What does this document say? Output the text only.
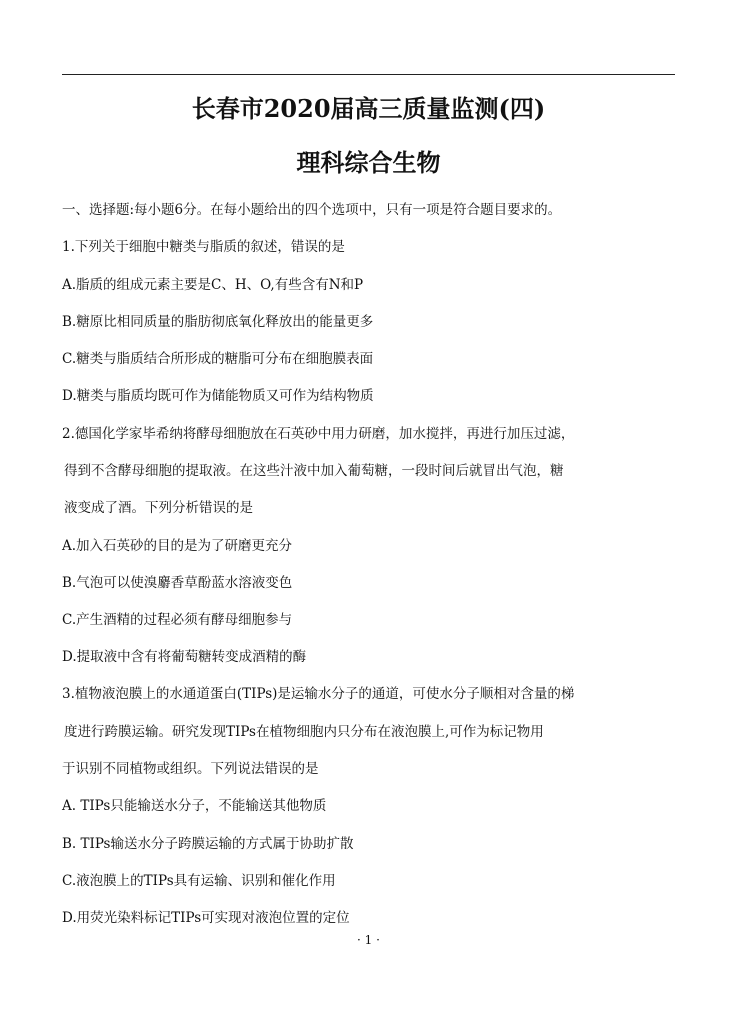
长春市2020届高三质量监测(四)
理科综合生物
一、选择题:每小题6分。在每小题给出的四个选项中，只有一项是符合题目要求的。
1.下列关于细胞中糖类与脂质的叙述，错误的是
A.脂质的组成元素主要是C、H、O,有些含有N和P
B.糖原比相同质量的脂肪彻底氧化释放出的能量更多
C.糖类与脂质结合所形成的糖脂可分布在细胞膜表面
D.糖类与脂质均既可作为储能物质又可作为结构物质
2.德国化学家毕希纳将酵母细胞放在石英砂中用力研磨，加水搅拌，再进行加压过滤，
得到不含酵母细胞的提取液。在这些汁液中加入葡萄糖，一段时间后就冒出气泡，糖
液变成了酒。下列分析错误的是
A.加入石英砂的目的是为了研磨更充分
B.气泡可以使溴麝香草酚蓝水溶液变色
C.产生酒精的过程必须有酵母细胞参与
D.提取液中含有将葡萄糖转变成酒精的酶
3.植物液泡膜上的水通道蛋白(TIPs)是运输水分子的通道，可使水分子顺相对含量的梯
度进行跨膜运输。研究发现TIPs在植物细胞内只分布在液泡膜上,可作为标记物用
于识别不同植物或组织。下列说法错误的是
A. TIPs只能输送水分子，不能输送其他物质
B. TIPs输送水分子跨膜运输的方式属于协助扩散
C.液泡膜上的TIPs具有运输、识别和催化作用
D.用荧光染料标记TIPs可实现对液泡位置的定位
· 1 ·
